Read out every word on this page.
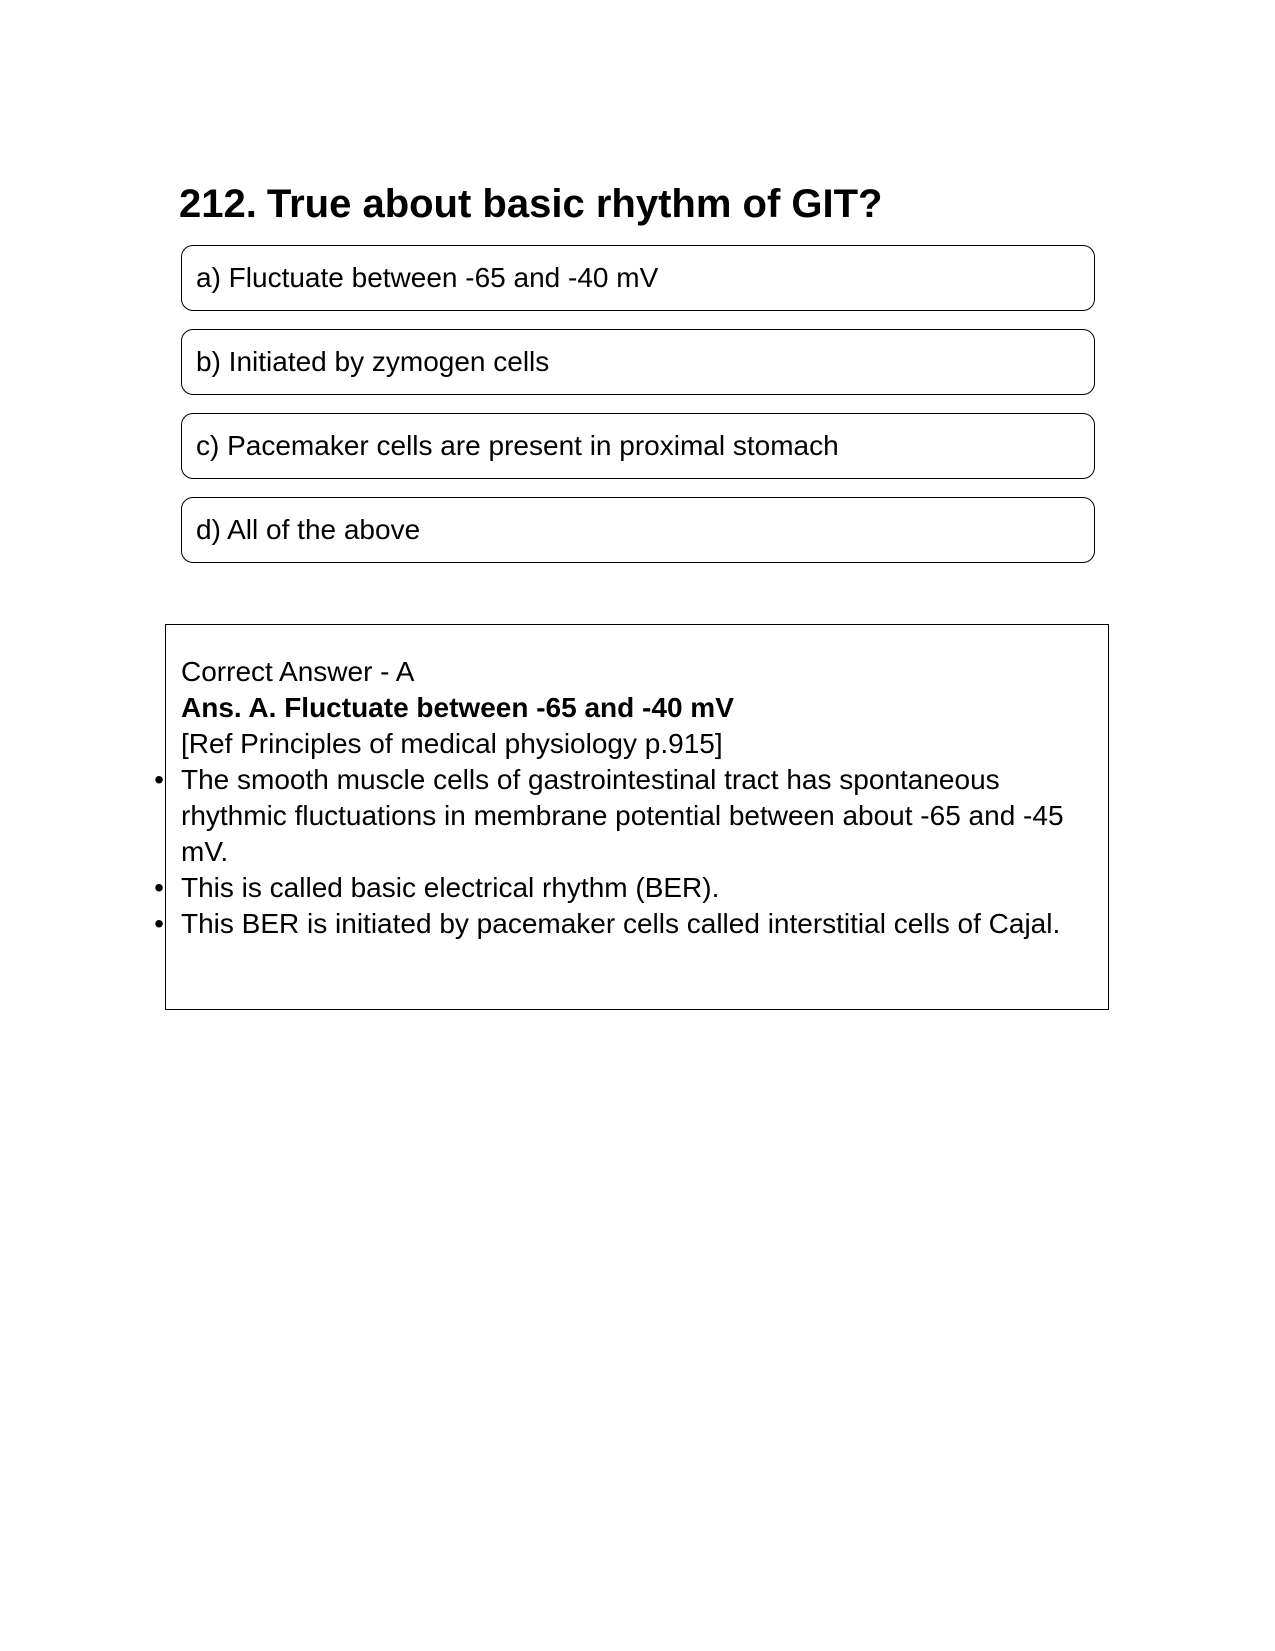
212. True about basic rhythm of GIT?
a) Fluctuate between -65 and -40 mV
b) Initiated by zymogen cells
c) Pacemaker cells are present in proximal stomach
d) All of the above

Correct Answer - A

Ans. A. Fluctuate between -65 and -40 mV

[Ref Principles of medical physiology p.915]

• The smooth muscle cells of gastrointestinal tract has spontaneous rhythmic fluctuations in membrane potential between about -65 and -45 mV.
• This is called basic electrical rhythm (BER).
• This BER is initiated by pacemaker cells called interstitial cells of Cajal.
